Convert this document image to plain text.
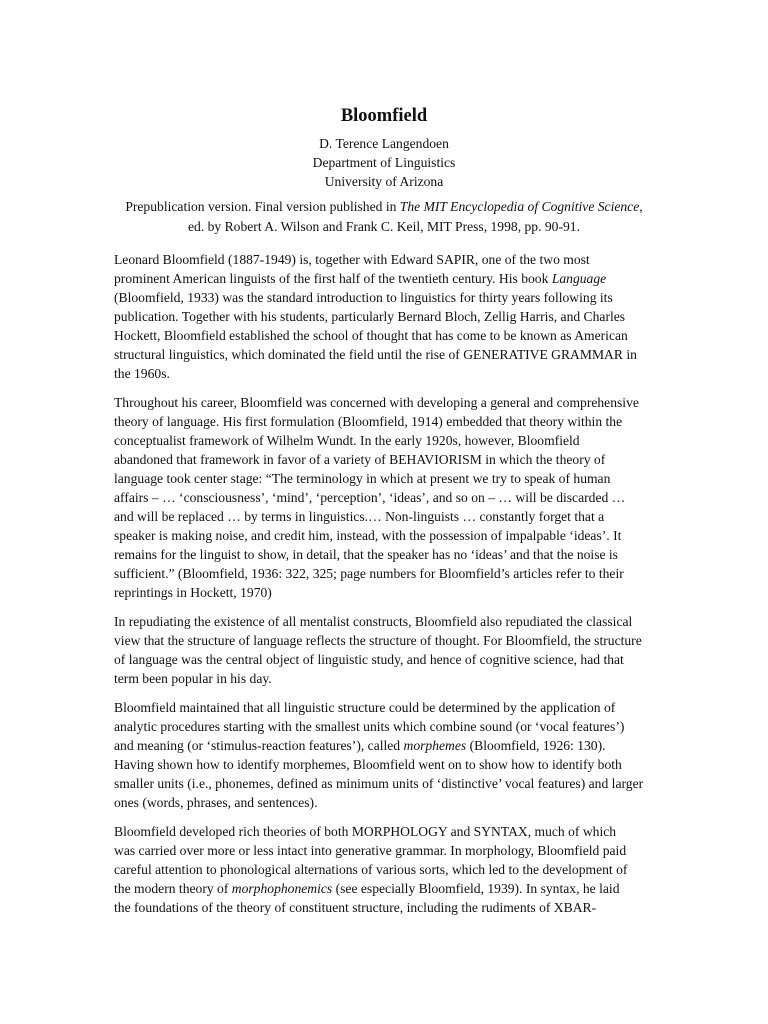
Bloomfield
D. Terence Langendoen
Department of Linguistics
University of Arizona
Prepublication version. Final version published in The MIT Encyclopedia of Cognitive Science, ed. by Robert A. Wilson and Frank C. Keil, MIT Press, 1998, pp. 90-91.

Leonard Bloomfield (1887-1949) is, together with Edward SAPIR, one of the two most
prominent American linguists of the first half of the twentieth century. His book Language
(Bloomfield, 1933) was the standard introduction to linguistics for thirty years following its
publication. Together with his students, particularly Bernard Bloch, Zellig Harris, and Charles
Hockett, Bloomfield established the school of thought that has come to be known as American
structural linguistics, which dominated the field until the rise of GENERATIVE GRAMMAR in
the 1960s.

Throughout his career, Bloomfield was concerned with developing a general and comprehensive
theory of language. His first formulation (Bloomfield, 1914) embedded that theory within the
conceptualist framework of Wilhelm Wundt. In the early 1920s, however, Bloomfield
abandoned that framework in favor of a variety of BEHAVIORISM in which the theory of
language took center stage: “The terminology in which at present we try to speak of human
affairs – … ‘consciousness’, ‘mind’, ‘perception’, ‘ideas’, and so on – … will be discarded …
and will be replaced … by terms in linguistics.… Non-linguists … constantly forget that a
speaker is making noise, and credit him, instead, with the possession of impalpable ‘ideas’. It
remains for the linguist to show, in detail, that the speaker has no ‘ideas’ and that the noise is
sufficient.” (Bloomfield, 1936: 322, 325; page numbers for Bloomfield’s articles refer to their
reprintings in Hockett, 1970)

In repudiating the existence of all mentalist constructs, Bloomfield also repudiated the classical
view that the structure of language reflects the structure of thought. For Bloomfield, the structure
of language was the central object of linguistic study, and hence of cognitive science, had that
term been popular in his day.

Bloomfield maintained that all linguistic structure could be determined by the application of
analytic procedures starting with the smallest units which combine sound (or ‘vocal features’)
and meaning (or ‘stimulus-reaction features’), called morphemes (Bloomfield, 1926: 130).
Having shown how to identify morphemes, Bloomfield went on to show how to identify both
smaller units (i.e., phonemes, defined as minimum units of ‘distinctive’ vocal features) and larger
ones (words, phrases, and sentences).

Bloomfield developed rich theories of both MORPHOLOGY and SYNTAX, much of which
was carried over more or less intact into generative grammar. In morphology, Bloomfield paid
careful attention to phonological alternations of various sorts, which led to the development of
the modern theory of morphophonemics (see especially Bloomfield, 1939). In syntax, he laid
the foundations of the theory of constituent structure, including the rudiments of XBAR-
